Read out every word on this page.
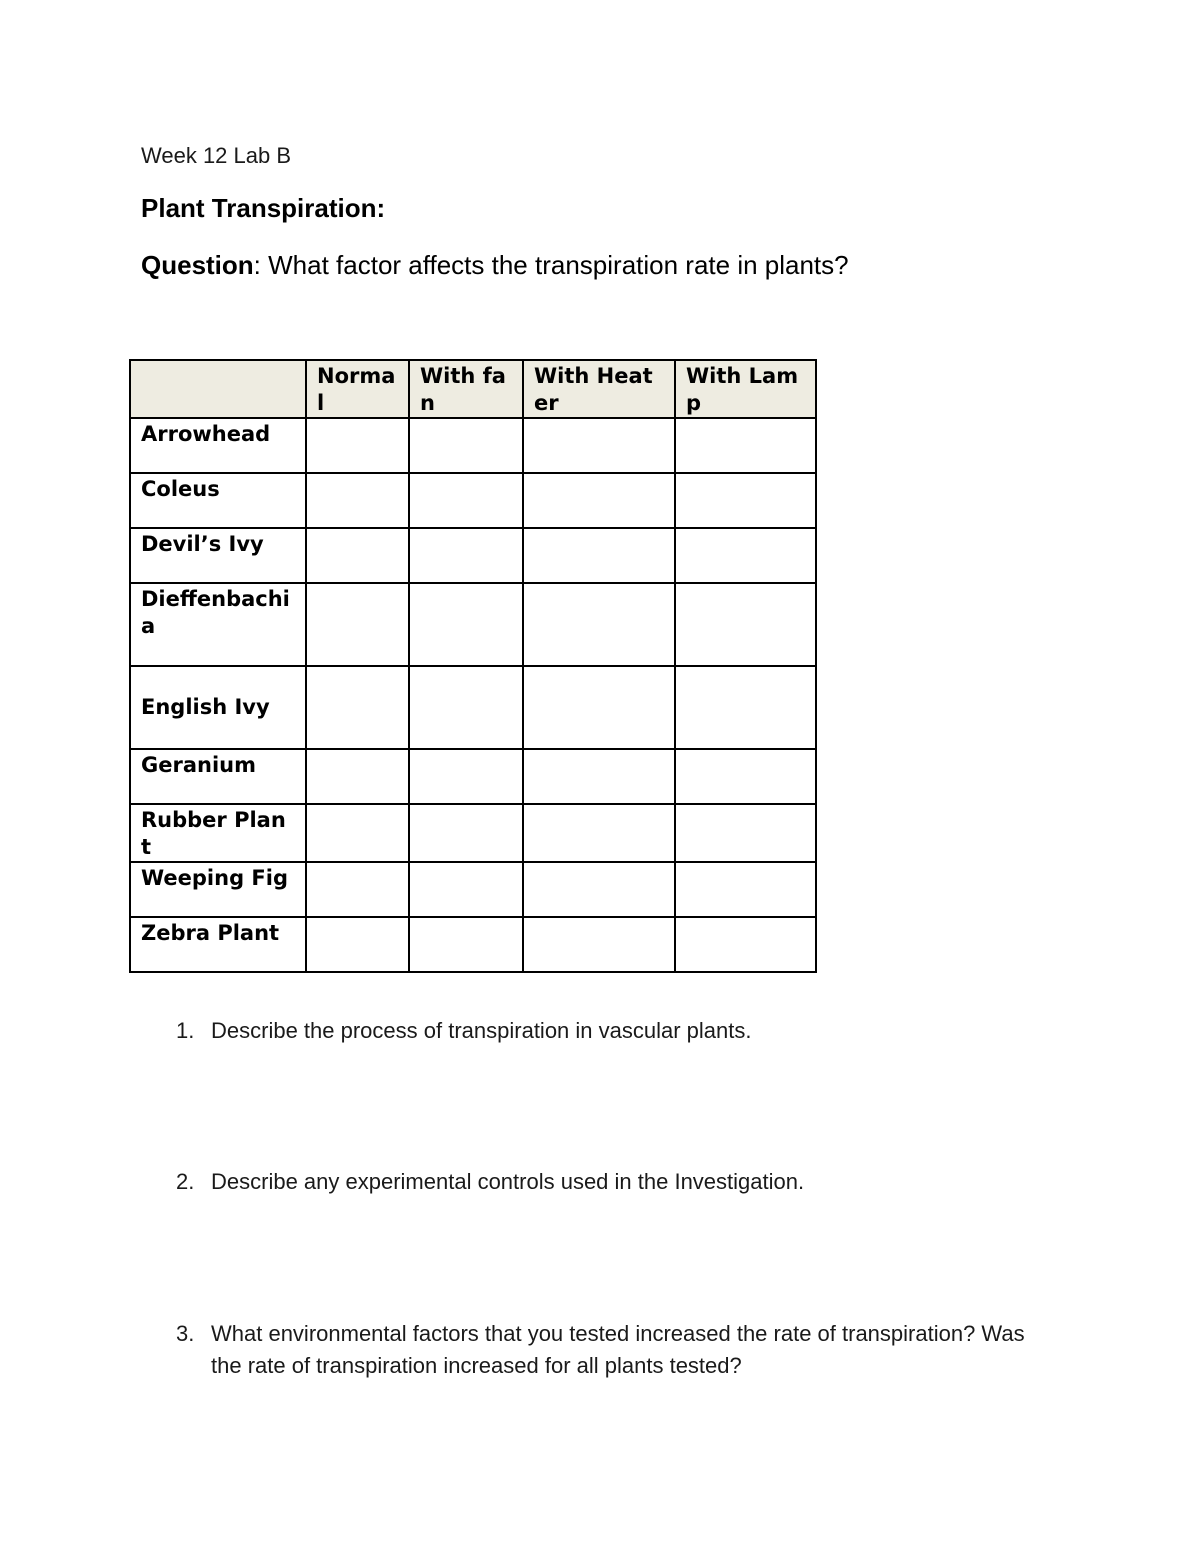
Week 12 Lab B
Plant Transpiration:
Question: What factor affects the transpiration rate in plants?
	Normal	With fan	With Heater	With Lamp
Arrowhead				
Coleus				
Devil’s Ivy				
Dieffenbachia				
English Ivy				
Geranium				
Rubber Plant				
Weeping Fig				
Zebra Plant				
1. Describe the process of transpiration in vascular plants.
2. Describe any experimental controls used in the Investigation.
3. What environmental factors that you tested increased the rate of transpiration? Was the rate of transpiration increased for all plants tested?
